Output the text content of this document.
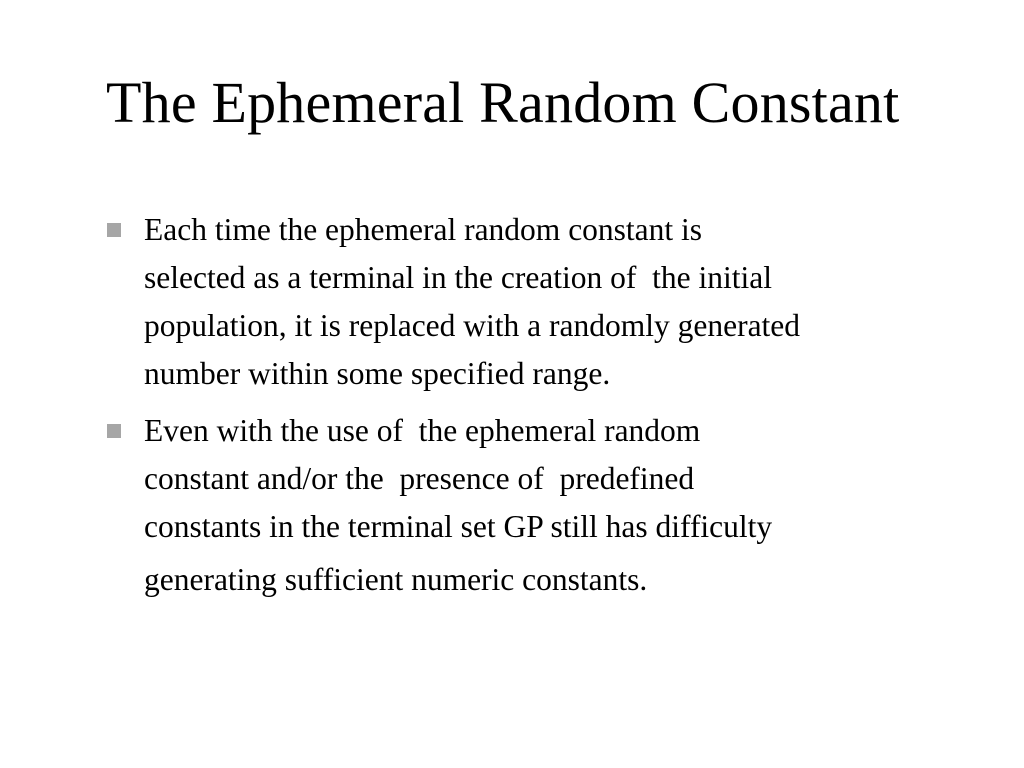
The Ephemeral Random Constant
Each time the ephemeral random constant is
selected as a terminal in the creation of  the initial
population, it is replaced with a randomly generated
number within some specified range.
Even with the use of  the ephemeral random
constant and/or the  presence of  predefined
constants in the terminal set GP still has difficulty
generating sufficient numeric constants.
